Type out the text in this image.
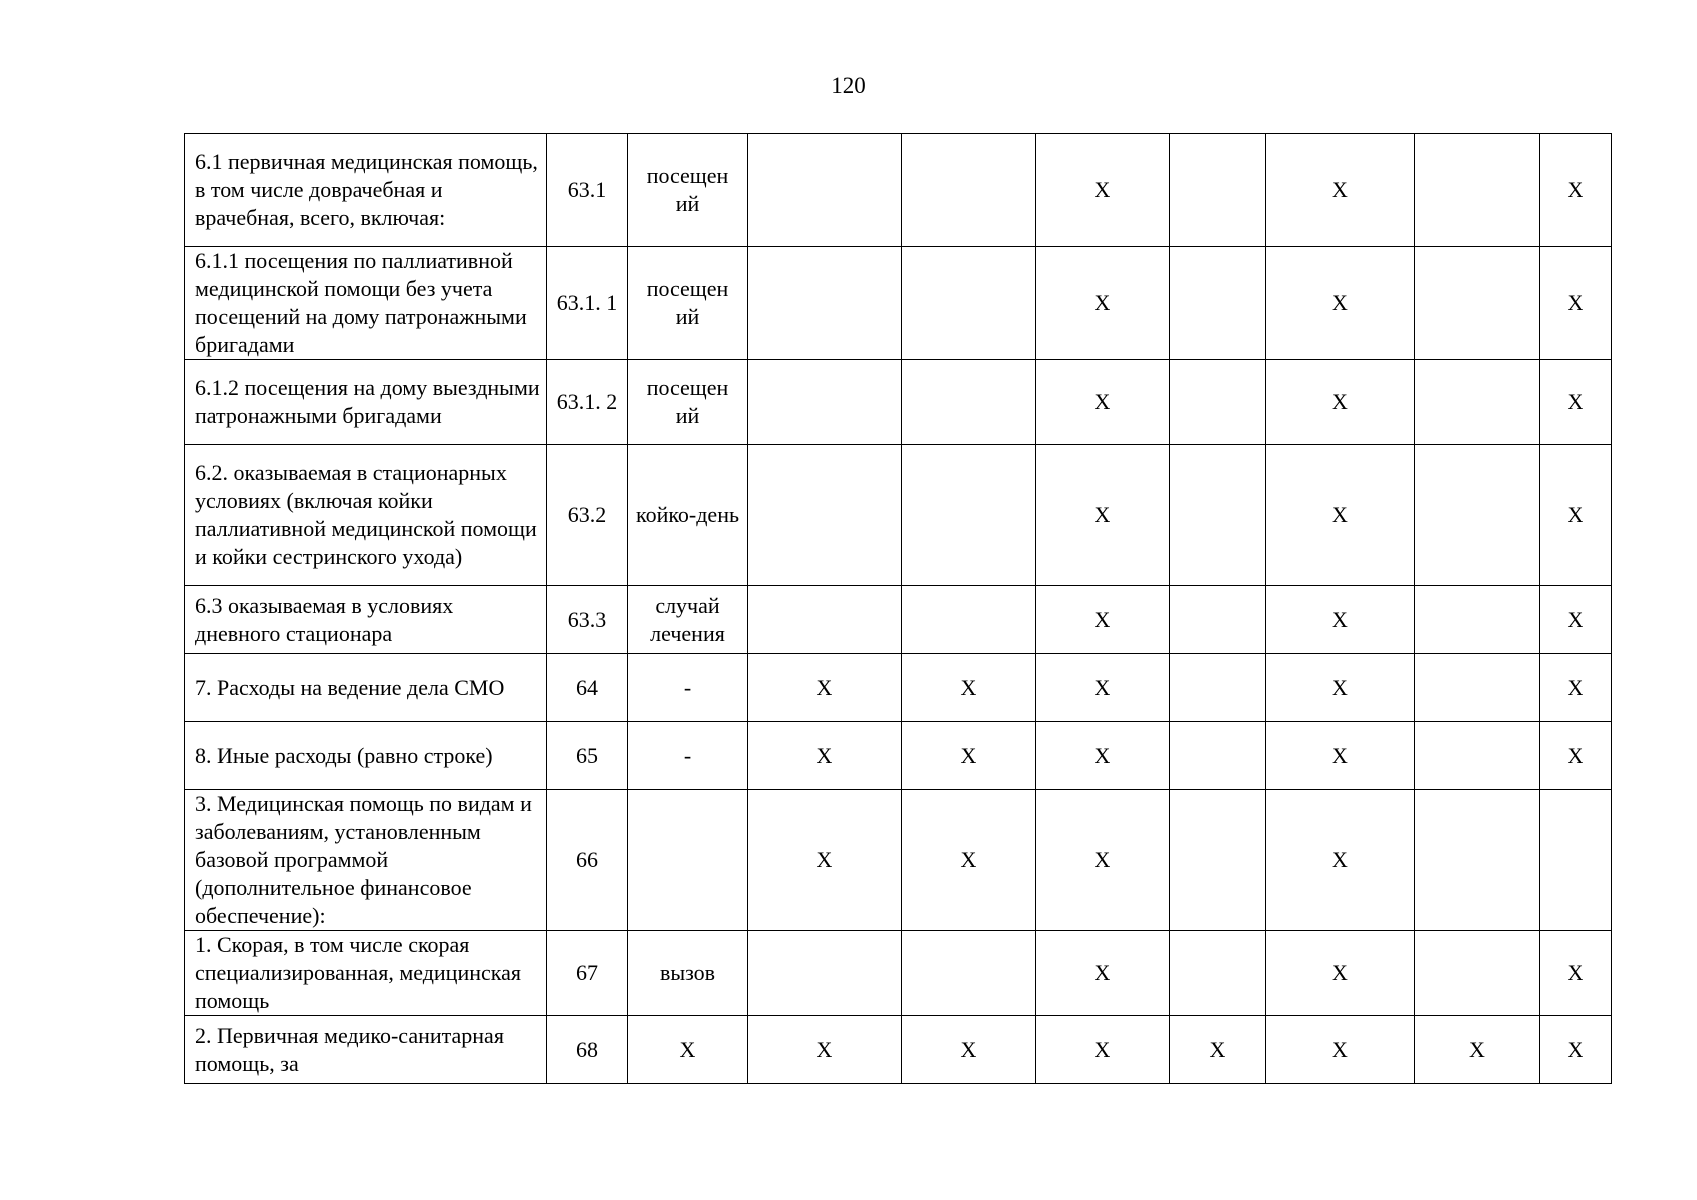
120
6.1 первичная медицинская помощь, в том числе доврачебная и врачебная, всего, включая:	63.1	посещен ий			X		X		X
6.1.1 посещения по паллиативной медицинской помощи без учета посещений на дому патронажными бригадами	63.1. 1	посещен ий			X		X		X
6.1.2 посещения на дому выездными патронажными бригадами	63.1. 2	посещен ий			X		X		X
6.2. оказываемая в стационарных условиях (включая койки паллиативной медицинской помощи и койки сестринского ухода)	63.2	койко-день			X		X		X
6.3 оказываемая в условиях дневного стационара	63.3	случай лечения			X		X		X
7. Расходы на ведение дела СМО	64	-	X	X	X		X		X
8. Иные расходы (равно строке)	65	-	X	X	X		X		X
3. Медицинская помощь по видам и заболеваниям, установленным базовой программой (дополнительное финансовое обеспечение):	66		X	X	X		X		
1. Скорая, в том числе скорая специализированная, медицинская помощь	67	вызов			X		X		X
2. Первичная медико-санитарная помощь, за	68	X	X	X	X	X	X	X	X
